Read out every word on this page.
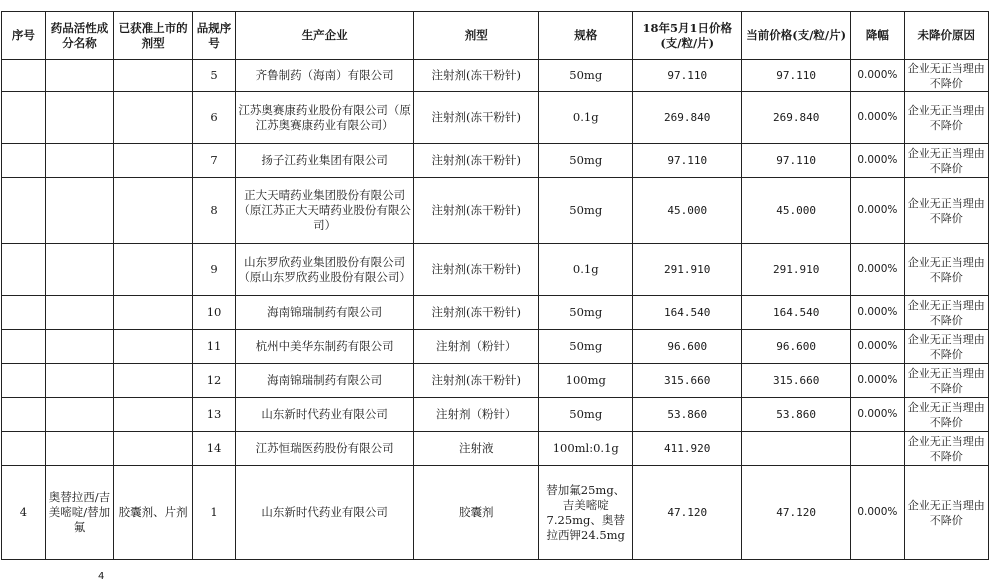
序号	药品活性成分名称	已获准上市的剂型	品规序号	生产企业	剂型	规格	18年5月1日价格(支/粒/片)	当前价格(支/粒/片)	降幅	未降价原因
			5	齐鲁制药（海南）有限公司	注射剂(冻干粉针)	50mg	97.110	97.110	0.000%	企业无正当理由不降价
			6	江苏奥赛康药业股份有限公司（原江苏奥赛康药业有限公司）	注射剂(冻干粉针)	0.1g	269.840	269.840	0.000%	企业无正当理由不降价
			7	扬子江药业集团有限公司	注射剂(冻干粉针)	50mg	97.110	97.110	0.000%	企业无正当理由不降价
			8	正大天晴药业集团股份有限公司（原江苏正大天晴药业股份有限公司）	注射剂(冻干粉针)	50mg	45.000	45.000	0.000%	企业无正当理由不降价
			9	山东罗欣药业集团股份有限公司（原山东罗欣药业股份有限公司）	注射剂(冻干粉针)	0.1g	291.910	291.910	0.000%	企业无正当理由不降价
			10	海南锦瑞制药有限公司	注射剂(冻干粉针)	50mg	164.540	164.540	0.000%	企业无正当理由不降价
			11	杭州中美华东制药有限公司	注射剂（粉针）	50mg	96.600	96.600	0.000%	企业无正当理由不降价
			12	海南锦瑞制药有限公司	注射剂(冻干粉针)	100mg	315.660	315.660	0.000%	企业无正当理由不降价
			13	山东新时代药业有限公司	注射剂（粉针）	50mg	53.860	53.860	0.000%	企业无正当理由不降价
			14	江苏恒瑞医药股份有限公司	注射液	100ml:0.1g	411.920			企业无正当理由不降价
4	奥替拉西/吉美嘧啶/替加氟	胶囊剂、片剂	1	山东新时代药业有限公司	胶囊剂	替加氟25mg、吉美嘧啶7.25mg、奥替拉西钾24.5mg	47.120	47.120	0.000%	企业无正当理由不降价
4
